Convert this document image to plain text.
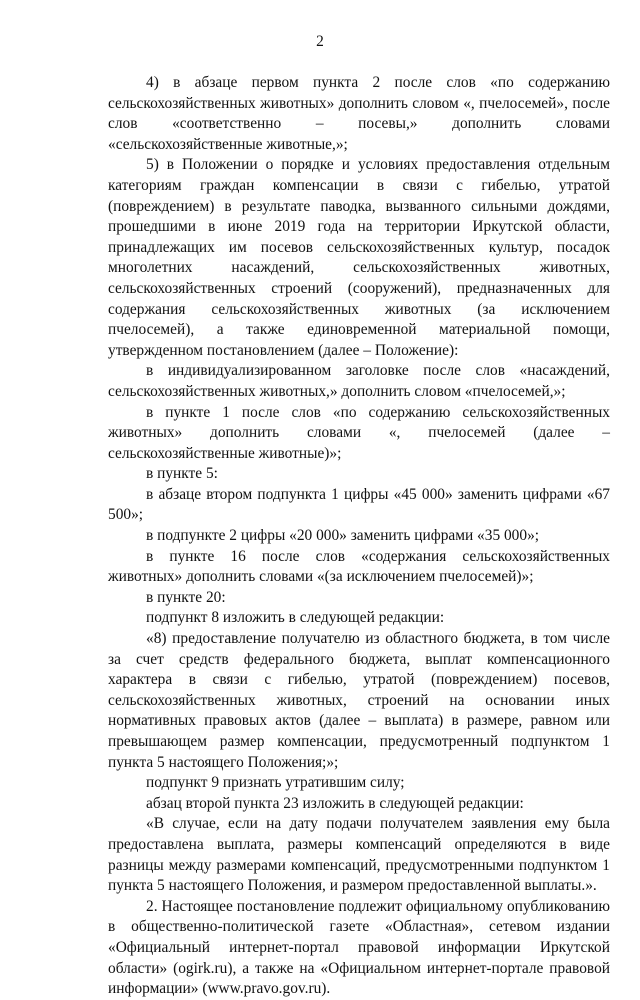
2

4) в абзаце первом пункта 2 после слов «по содержанию сельскохозяйственных животных» дополнить словом «, пчелосемей», после слов «соответственно – посевы,» дополнить словами «сельскохозяйственные животные,»;

5) в Положении о порядке и условиях предоставления отдельным категориям граждан компенсации в связи с гибелью, утратой (повреждением) в результате паводка, вызванного сильными дождями, прошедшими в июне 2019 года на территории Иркутской области, принадлежащих им посевов сельскохозяйственных культур, посадок многолетних насаждений, сельскохозяйственных животных, сельскохозяйственных строений (сооружений), предназначенных для содержания сельскохозяйственных животных (за исключением пчелосемей), а также единовременной материальной помощи, утвержденном постановлением (далее – Положение):

в индивидуализированном заголовке после слов «насаждений, сельскохозяйственных животных,» дополнить словом «пчелосемей,»;

в пункте 1 после слов «по содержанию сельскохозяйственных животных» дополнить словами «, пчелосемей (далее – сельскохозяйственные животные)»;

в пункте 5:

в абзаце втором подпункта 1 цифры «45 000» заменить цифрами «67 500»;

в подпункте 2 цифры «20 000» заменить цифрами «35 000»;

в пункте 16 после слов «содержания сельскохозяйственных животных» дополнить словами «(за исключением пчелосемей)»;

в пункте 20:

подпункт 8 изложить в следующей редакции:

«8) предоставление получателю из областного бюджета, в том числе за счет средств федерального бюджета, выплат компенсационного характера в связи с гибелью, утратой (повреждением) посевов, сельскохозяйственных животных, строений на основании иных нормативных правовых актов (далее – выплата) в размере, равном или превышающем размер компенсации, предусмотренный подпунктом 1 пункта 5 настоящего Положения;»;

подпункт 9 признать утратившим силу;

абзац второй пункта 23 изложить в следующей редакции:

«В случае, если на дату подачи получателем заявления ему была предоставлена выплата, размеры компенсаций определяются в виде разницы между размерами компенсаций, предусмотренными подпунктом 1 пункта 5 настоящего Положения, и размером предоставленной выплаты.».

2. Настоящее постановление подлежит официальному опубликованию в общественно-политической газете «Областная», сетевом издании «Официальный интернет-портал правовой информации Иркутской области» (ogirk.ru), а также на «Официальном интернет-портале правовой информации» (www.pravo.gov.ru).
